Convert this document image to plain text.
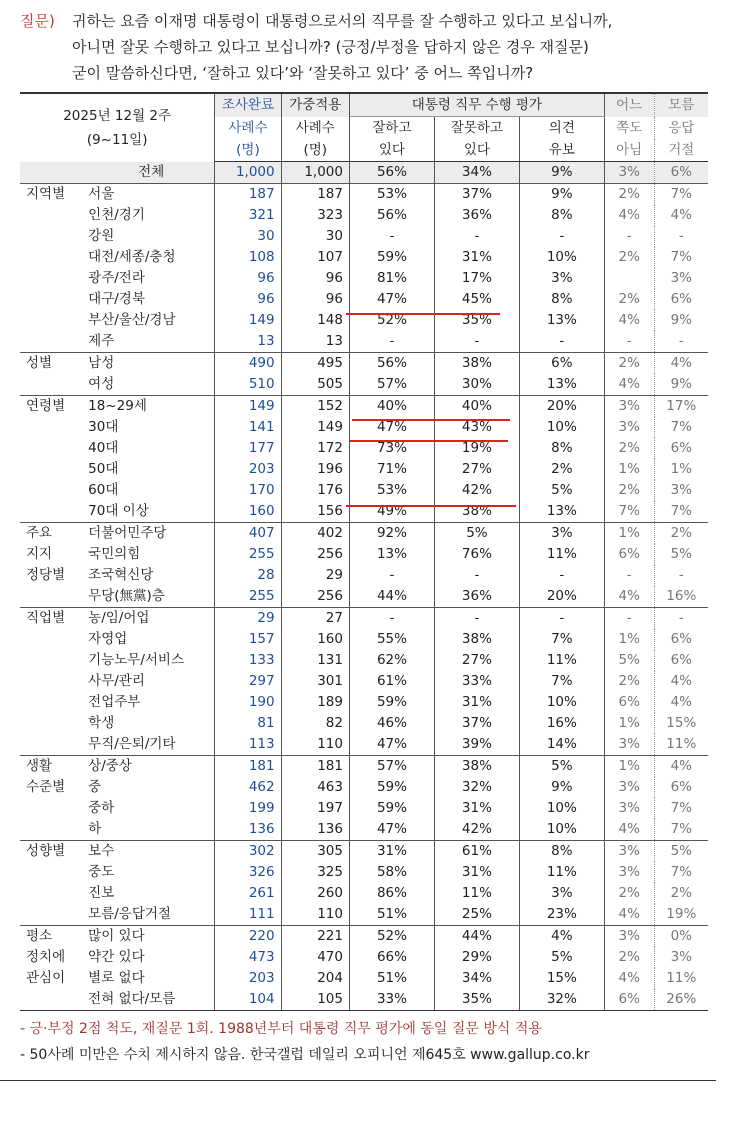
질문) 귀하는 요즘 이재명 대통령이 대통령으로서의 직무를 잘 수행하고 있다고 보십니까,
아니면 잘못 수행하고 있다고 보십니까? (긍정/부정을 답하지 않은 경우 재질문)
굳이 말씀하신다면, ‘잘하고 있다’와 ‘잘못하고 있다’ 중 어느 쪽입니까?
2025년 12월 2주
(9~11일)		조사완료	가중적용	대통령 직무 수행 평가			어느	모름
		사례수	사례수	잘하고	잘못하고	의견	쪽도	응답
		(명)	(명)	있다	있다	유보	아님	거절
	전체	1,000	1,000	56%	34%	9%	3%	6%
지역별	서울	187	187	53%	37%	9%	2%	7%
	인천/경기	321	323	56%	36%	8%	4%	4%
	강원	30	30	-	-	-	-	-
	대전/세종/충청	108	107	59%	31%	10%	2%	7%
	광주/전라	96	96	81%	17%	3%		3%
	대구/경북	96	96	47%	45%	8%	2%	6%
	부산/울산/경남	149	148	52%	35%	13%	4%	9%
	제주	13	13	-	-	-	-	-
성별	남성	490	495	56%	38%	6%	2%	4%
	여성	510	505	57%	30%	13%	4%	9%
연령별	18~29세	149	152	40%	40%	20%	3%	17%
	30대	141	149	47%	43%	10%	3%	7%
	40대	177	172	73%	19%	8%	2%	6%
	50대	203	196	71%	27%	2%	1%	1%
	60대	170	176	53%	42%	5%	2%	3%
	70대 이상	160	156	49%	38%	13%	7%	7%
주요	더불어민주당	407	402	92%	5%	3%	1%	2%
지지	국민의힘	255	256	13%	76%	11%	6%	5%
정당별	조국혁신당	28	29	-	-	-	-	-
	무당(無黨)층	255	256	44%	36%	20%	4%	16%
직업별	농/임/어업	29	27	-	-	-	-	-
	자영업	157	160	55%	38%	7%	1%	6%
	기능노무/서비스	133	131	62%	27%	11%	5%	6%
	사무/관리	297	301	61%	33%	7%	2%	4%
	전업주부	190	189	59%	31%	10%	6%	4%
	학생	81	82	46%	37%	16%	1%	15%
	무직/은퇴/기타	113	110	47%	39%	14%	3%	11%
생활	상/중상	181	181	57%	38%	5%	1%	4%
수준별	중	462	463	59%	32%	9%	3%	6%
	중하	199	197	59%	31%	10%	3%	7%
	하	136	136	47%	42%	10%	4%	7%
성향별	보수	302	305	31%	61%	8%	3%	5%
	중도	326	325	58%	31%	11%	3%	7%
	진보	261	260	86%	11%	3%	2%	2%
	모름/응답거절	111	110	51%	25%	23%	4%	19%
평소	많이 있다	220	221	52%	44%	4%	3%	0%
정치에	약간 있다	473	470	66%	29%	5%	2%	3%
관심이	별로 없다	203	204	51%	34%	15%	4%	11%
	전혀 없다/모름	104	105	33%	35%	32%	6%	26%
- 긍·부정 2점 척도, 재질문 1회. 1988년부터 대통령 직무 평가에 동일 질문 방식 적용
- 50사례 미만은 수치 제시하지 않음. 한국갤럽 데일리 오피니언 제645호 www.gallup.co.kr
